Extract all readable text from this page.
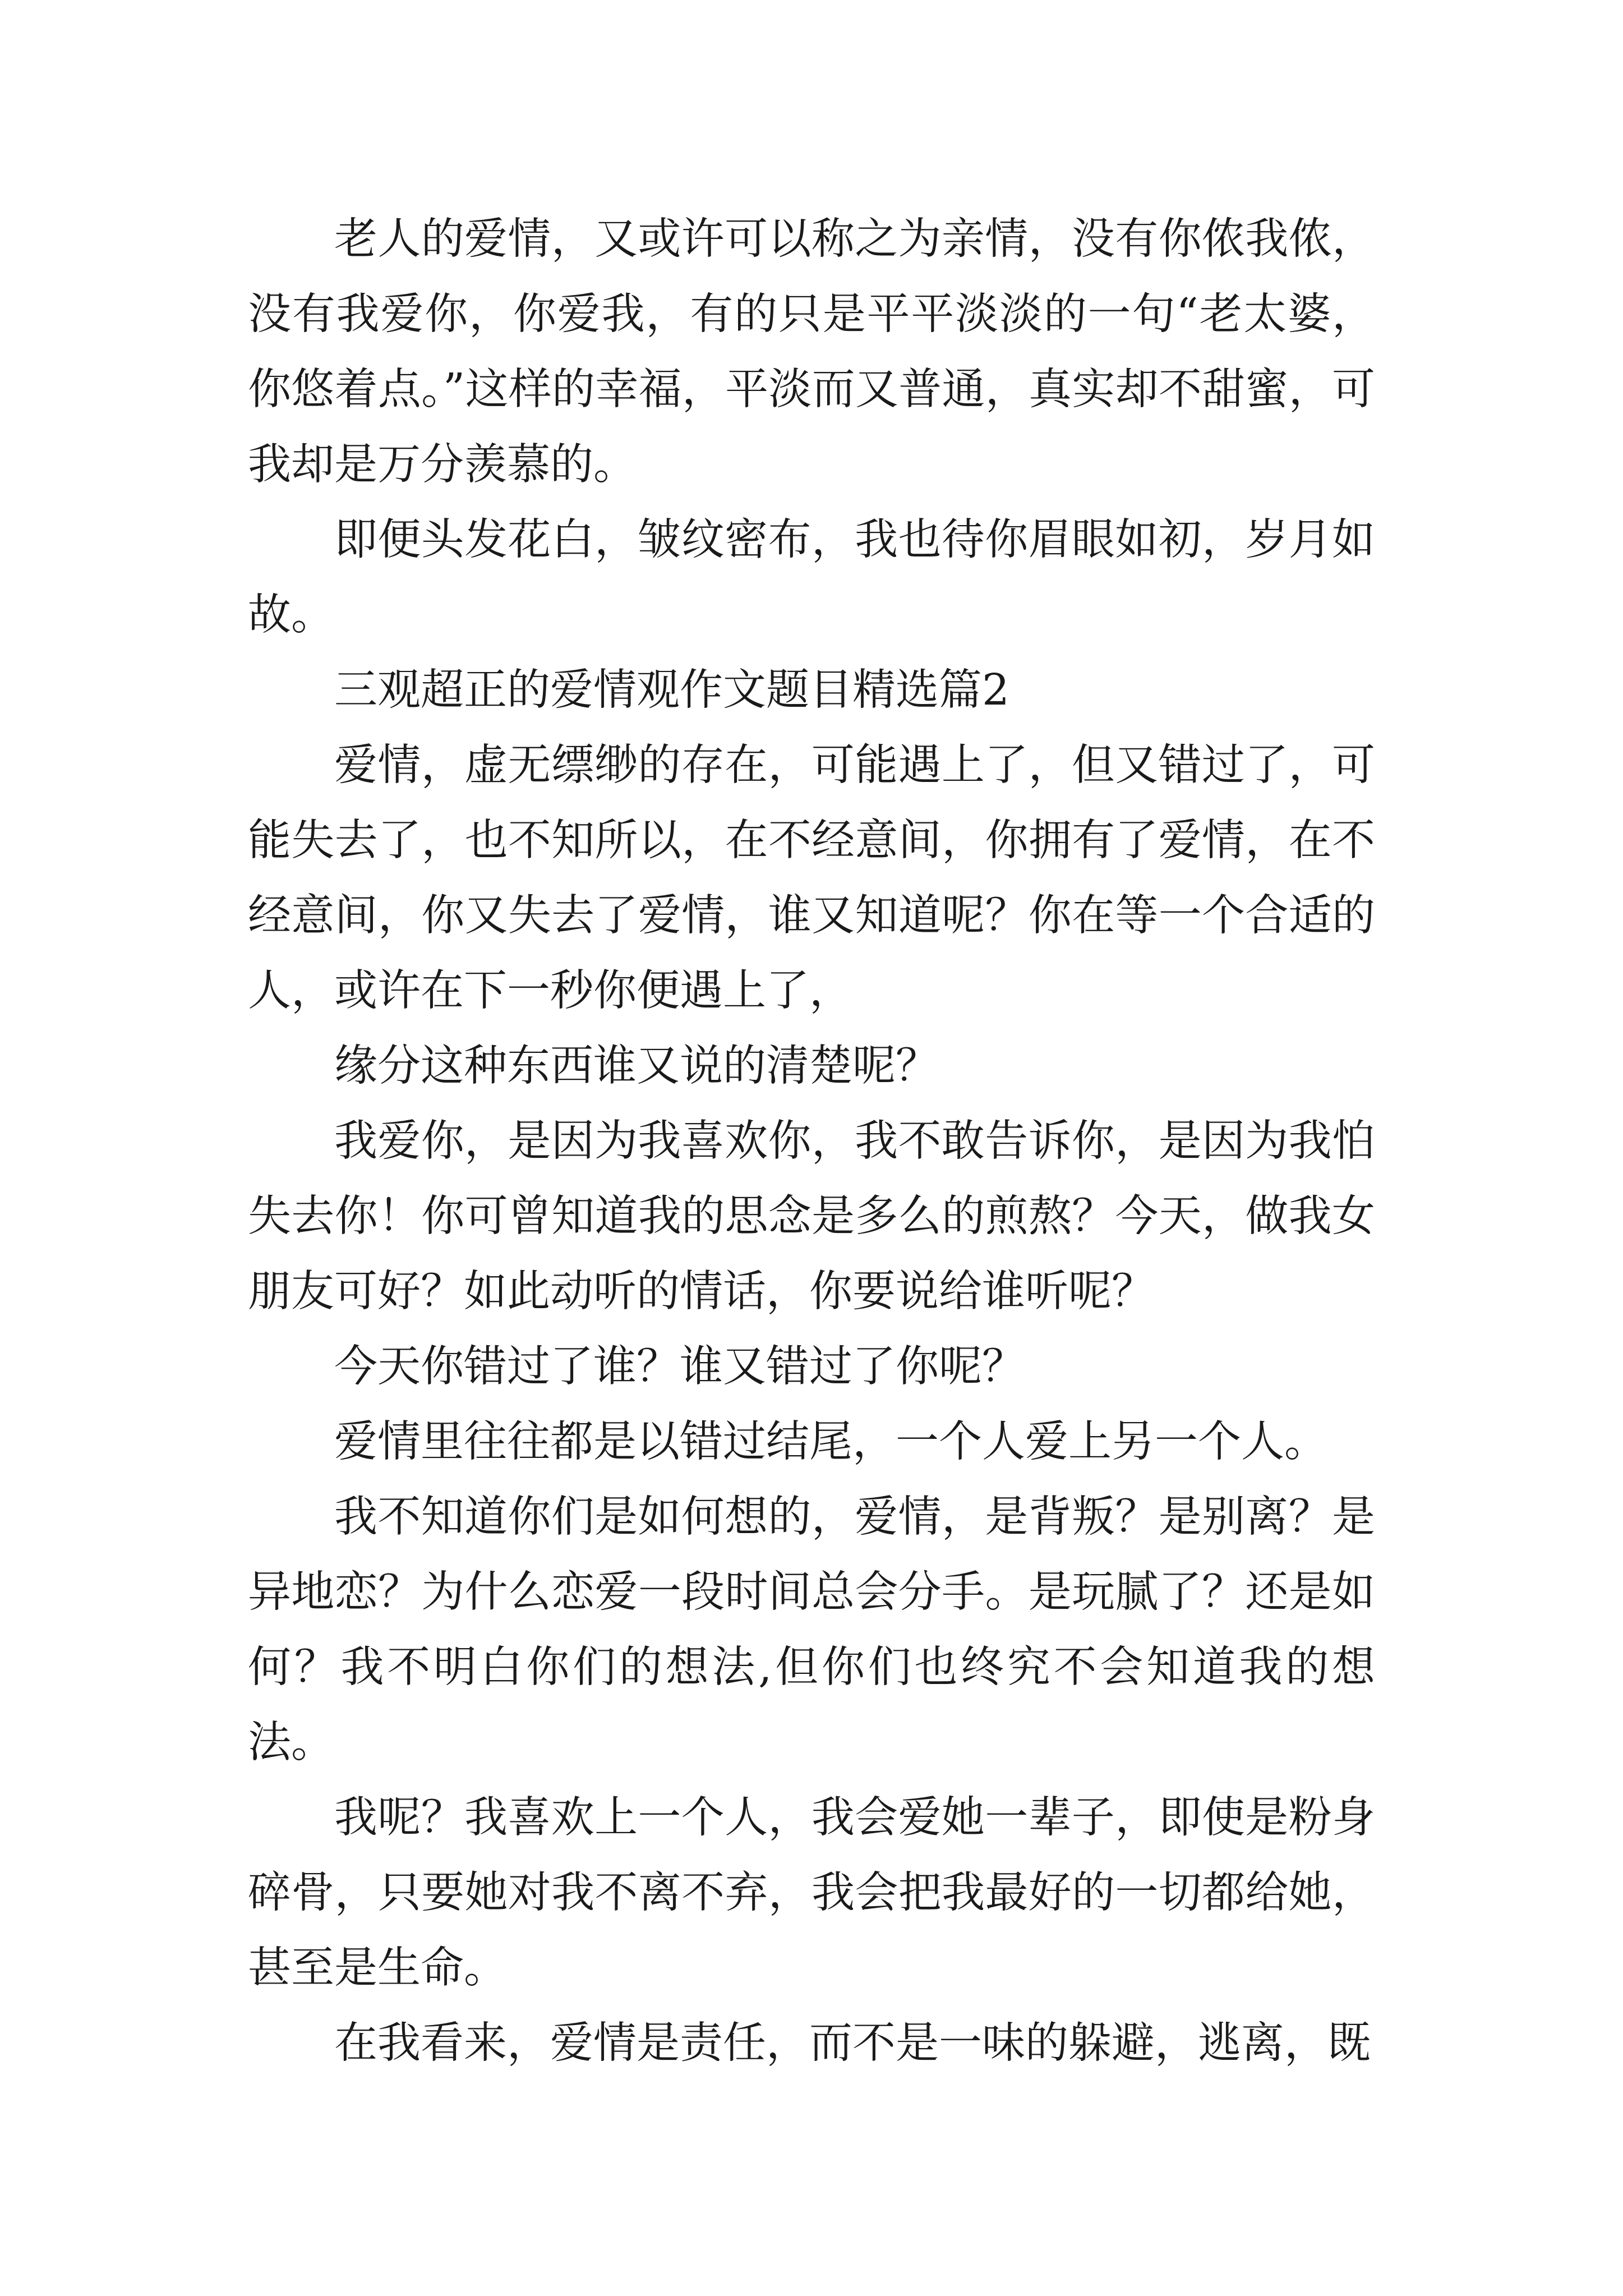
老人的爱情，又或许可以称之为亲情，没有你侬我侬，没有我爱你，你爱我，有的只是平平淡淡的一句“老太婆，你悠着点。”这样的幸福，平淡而又普通，真实却不甜蜜，可我却是万分羡慕的。

即便头发花白，皱纹密布，我也待你眉眼如初，岁月如故。

三观超正的爱情观作文题目精选篇2

爱情，虚无缥缈的存在，可能遇上了，但又错过了，可能失去了，也不知所以，在不经意间，你拥有了爱情，在不经意间，你又失去了爱情，谁又知道呢？你在等一个合适的人，或许在下一秒你便遇上了，

缘分这种东西谁又说的清楚呢？

我爱你，是因为我喜欢你，我不敢告诉你，是因为我怕失去你！你可曾知道我的思念是多么的煎熬？今天，做我女朋友可好？如此动听的情话，你要说给谁听呢？

今天你错过了谁？谁又错过了你呢？

爱情里往往都是以错过结尾，一个人爱上另一个人。

我不知道你们是如何想的，爱情，是背叛？是别离？是异地恋？为什么恋爱一段时间总会分手。是玩腻了？还是如何？我不明白你们的想法,但你们也终究不会知道我的想法。

我呢？我喜欢上一个人，我会爱她一辈子，即使是粉身碎骨，只要她对我不离不弃，我会把我最好的一切都给她，甚至是生命。

在我看来，爱情是责任，而不是一味的躲避，逃离，既
